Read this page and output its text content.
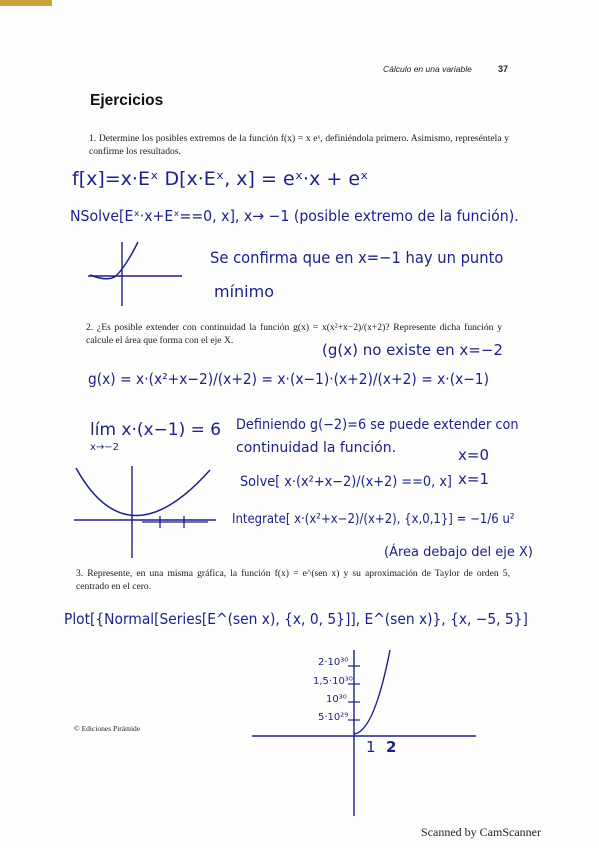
Cálculo en una variable	37
Ejercicios
1. Determine los posibles extremos de la función f(x) = x eˣ, definiéndola primero. Asimismo, represéntela y confirme los resultados.
f[x]=x·Eˣ D[x·Eˣ, x] = eˣ·x + eˣ
NSolve[Eˣ·x+Eˣ==0, x], x→ −1 (posible extremo de la función).
Se confirma que en x=−1 hay un punto
mínimo
2. ¿Es posible extender con continuidad la función g(x) = x(x²+x−2)/(x+2)? Represente dicha función y calcule el área que forma con el eje X.
(g(x) no existe en x=−2
g(x) = x·(x²+x−2)/(x+2) = x·(x−1)·(x+2)/(x+2) = x·(x−1)
lím x·(x−1) = 6
x→−2
Definiendo g(−2)=6 se puede extender con
continuidad la función.
Solve[ x·(x²+x−2)/(x+2) ==0, x]
x=0
x=1
Integrate[ x·(x²+x−2)/(x+2), {x,0,1}] = −1/6 u²
(Área debajo del eje X)
3. Represente, en una misma gráfica, la función f(x) = e^(sen x) y su aproximación de Taylor de orden 5, centrado en el cero.
Plot[{Normal[Series[E^(sen x), {x, 0, 5}]], E^(sen x)}, {x, −5, 5}]
2·10³⁰
1,5·10³⁰
10³⁰
5·10²⁹
1 2
© Ediciones Pirámide
Scanned by CamScanner
